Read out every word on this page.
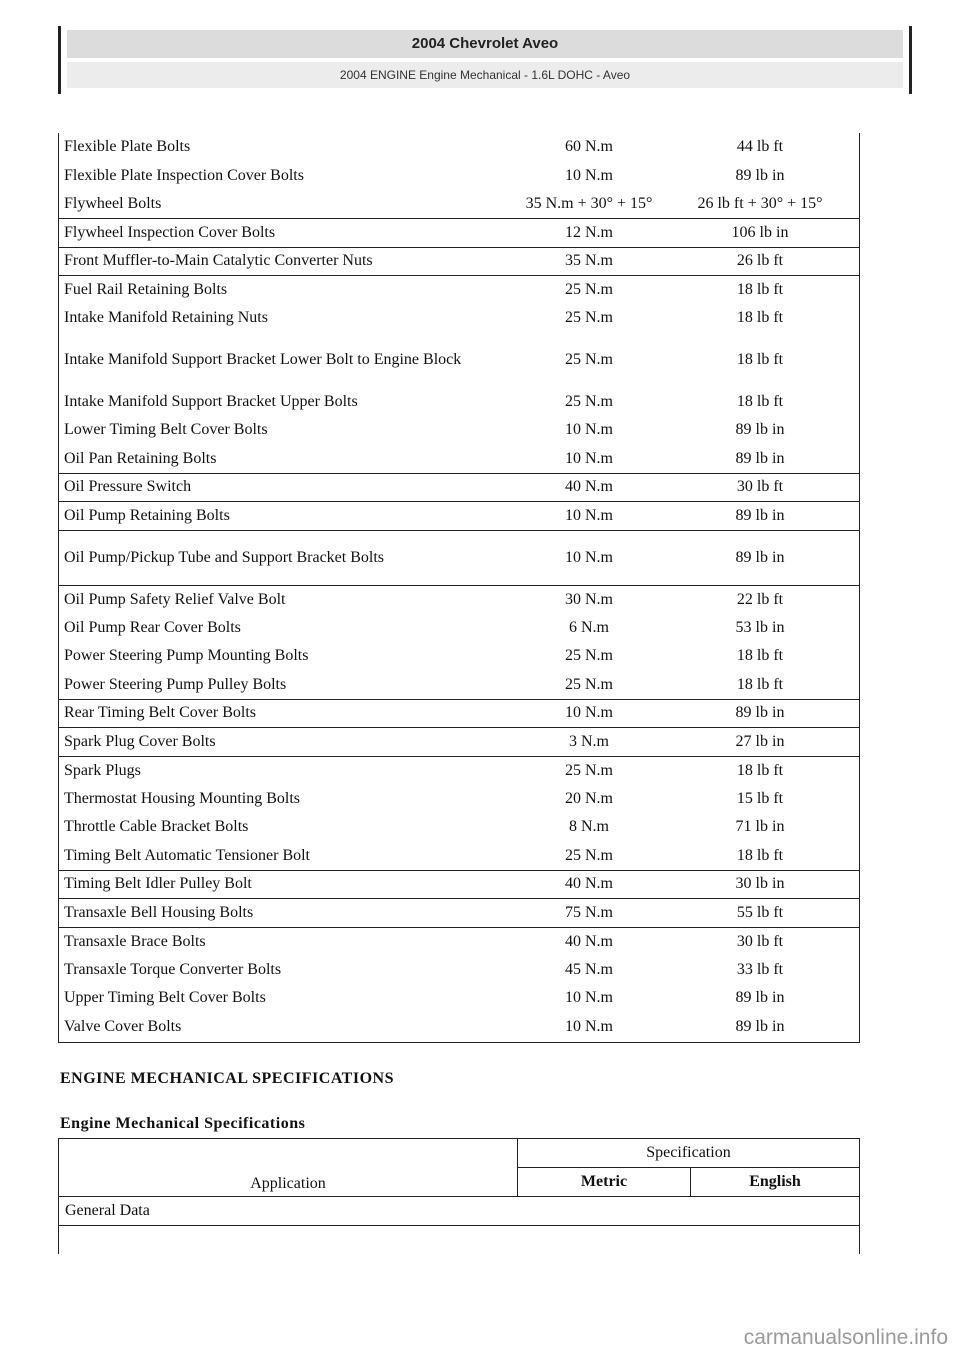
2004 Chevrolet Aveo
2004 ENGINE Engine Mechanical - 1.6L DOHC - Aveo
Flexible Plate Bolts	60 N.m	44 lb ft
Flexible Plate Inspection Cover Bolts	10 N.m	89 lb in
Flywheel Bolts	35 N.m + 30° + 15°	26 lb ft + 30° + 15°
Flywheel Inspection Cover Bolts	12 N.m	106 lb in
Front Muffler-to-Main Catalytic Converter Nuts	35 N.m	26 lb ft
Fuel Rail Retaining Bolts	25 N.m	18 lb ft
Intake Manifold Retaining Nuts	25 N.m	18 lb ft
Intake Manifold Support Bracket Lower Bolt to Engine Block	25 N.m	18 lb ft
Intake Manifold Support Bracket Upper Bolts	25 N.m	18 lb ft
Lower Timing Belt Cover Bolts	10 N.m	89 lb in
Oil Pan Retaining Bolts	10 N.m	89 lb in
Oil Pressure Switch	40 N.m	30 lb ft
Oil Pump Retaining Bolts	10 N.m	89 lb in
Oil Pump/Pickup Tube and Support Bracket Bolts	10 N.m	89 lb in
Oil Pump Safety Relief Valve Bolt	30 N.m	22 lb ft
Oil Pump Rear Cover Bolts	6 N.m	53 lb in
Power Steering Pump Mounting Bolts	25 N.m	18 lb ft
Power Steering Pump Pulley Bolts	25 N.m	18 lb ft
Rear Timing Belt Cover Bolts	10 N.m	89 lb in
Spark Plug Cover Bolts	3 N.m	27 lb in
Spark Plugs	25 N.m	18 lb ft
Thermostat Housing Mounting Bolts	20 N.m	15 lb ft
Throttle Cable Bracket Bolts	8 N.m	71 lb in
Timing Belt Automatic Tensioner Bolt	25 N.m	18 lb ft
Timing Belt Idler Pulley Bolt	40 N.m	30 lb in
Transaxle Bell Housing Bolts	75 N.m	55 lb ft
Transaxle Brace Bolts	40 N.m	30 lb ft
Transaxle Torque Converter Bolts	45 N.m	33 lb ft
Upper Timing Belt Cover Bolts	10 N.m	89 lb in
Valve Cover Bolts	10 N.m	89 lb in
ENGINE MECHANICAL SPECIFICATIONS
Engine Mechanical Specifications
Application	Specification	
	Metric	English
General Data		

carmanualsonline.info
